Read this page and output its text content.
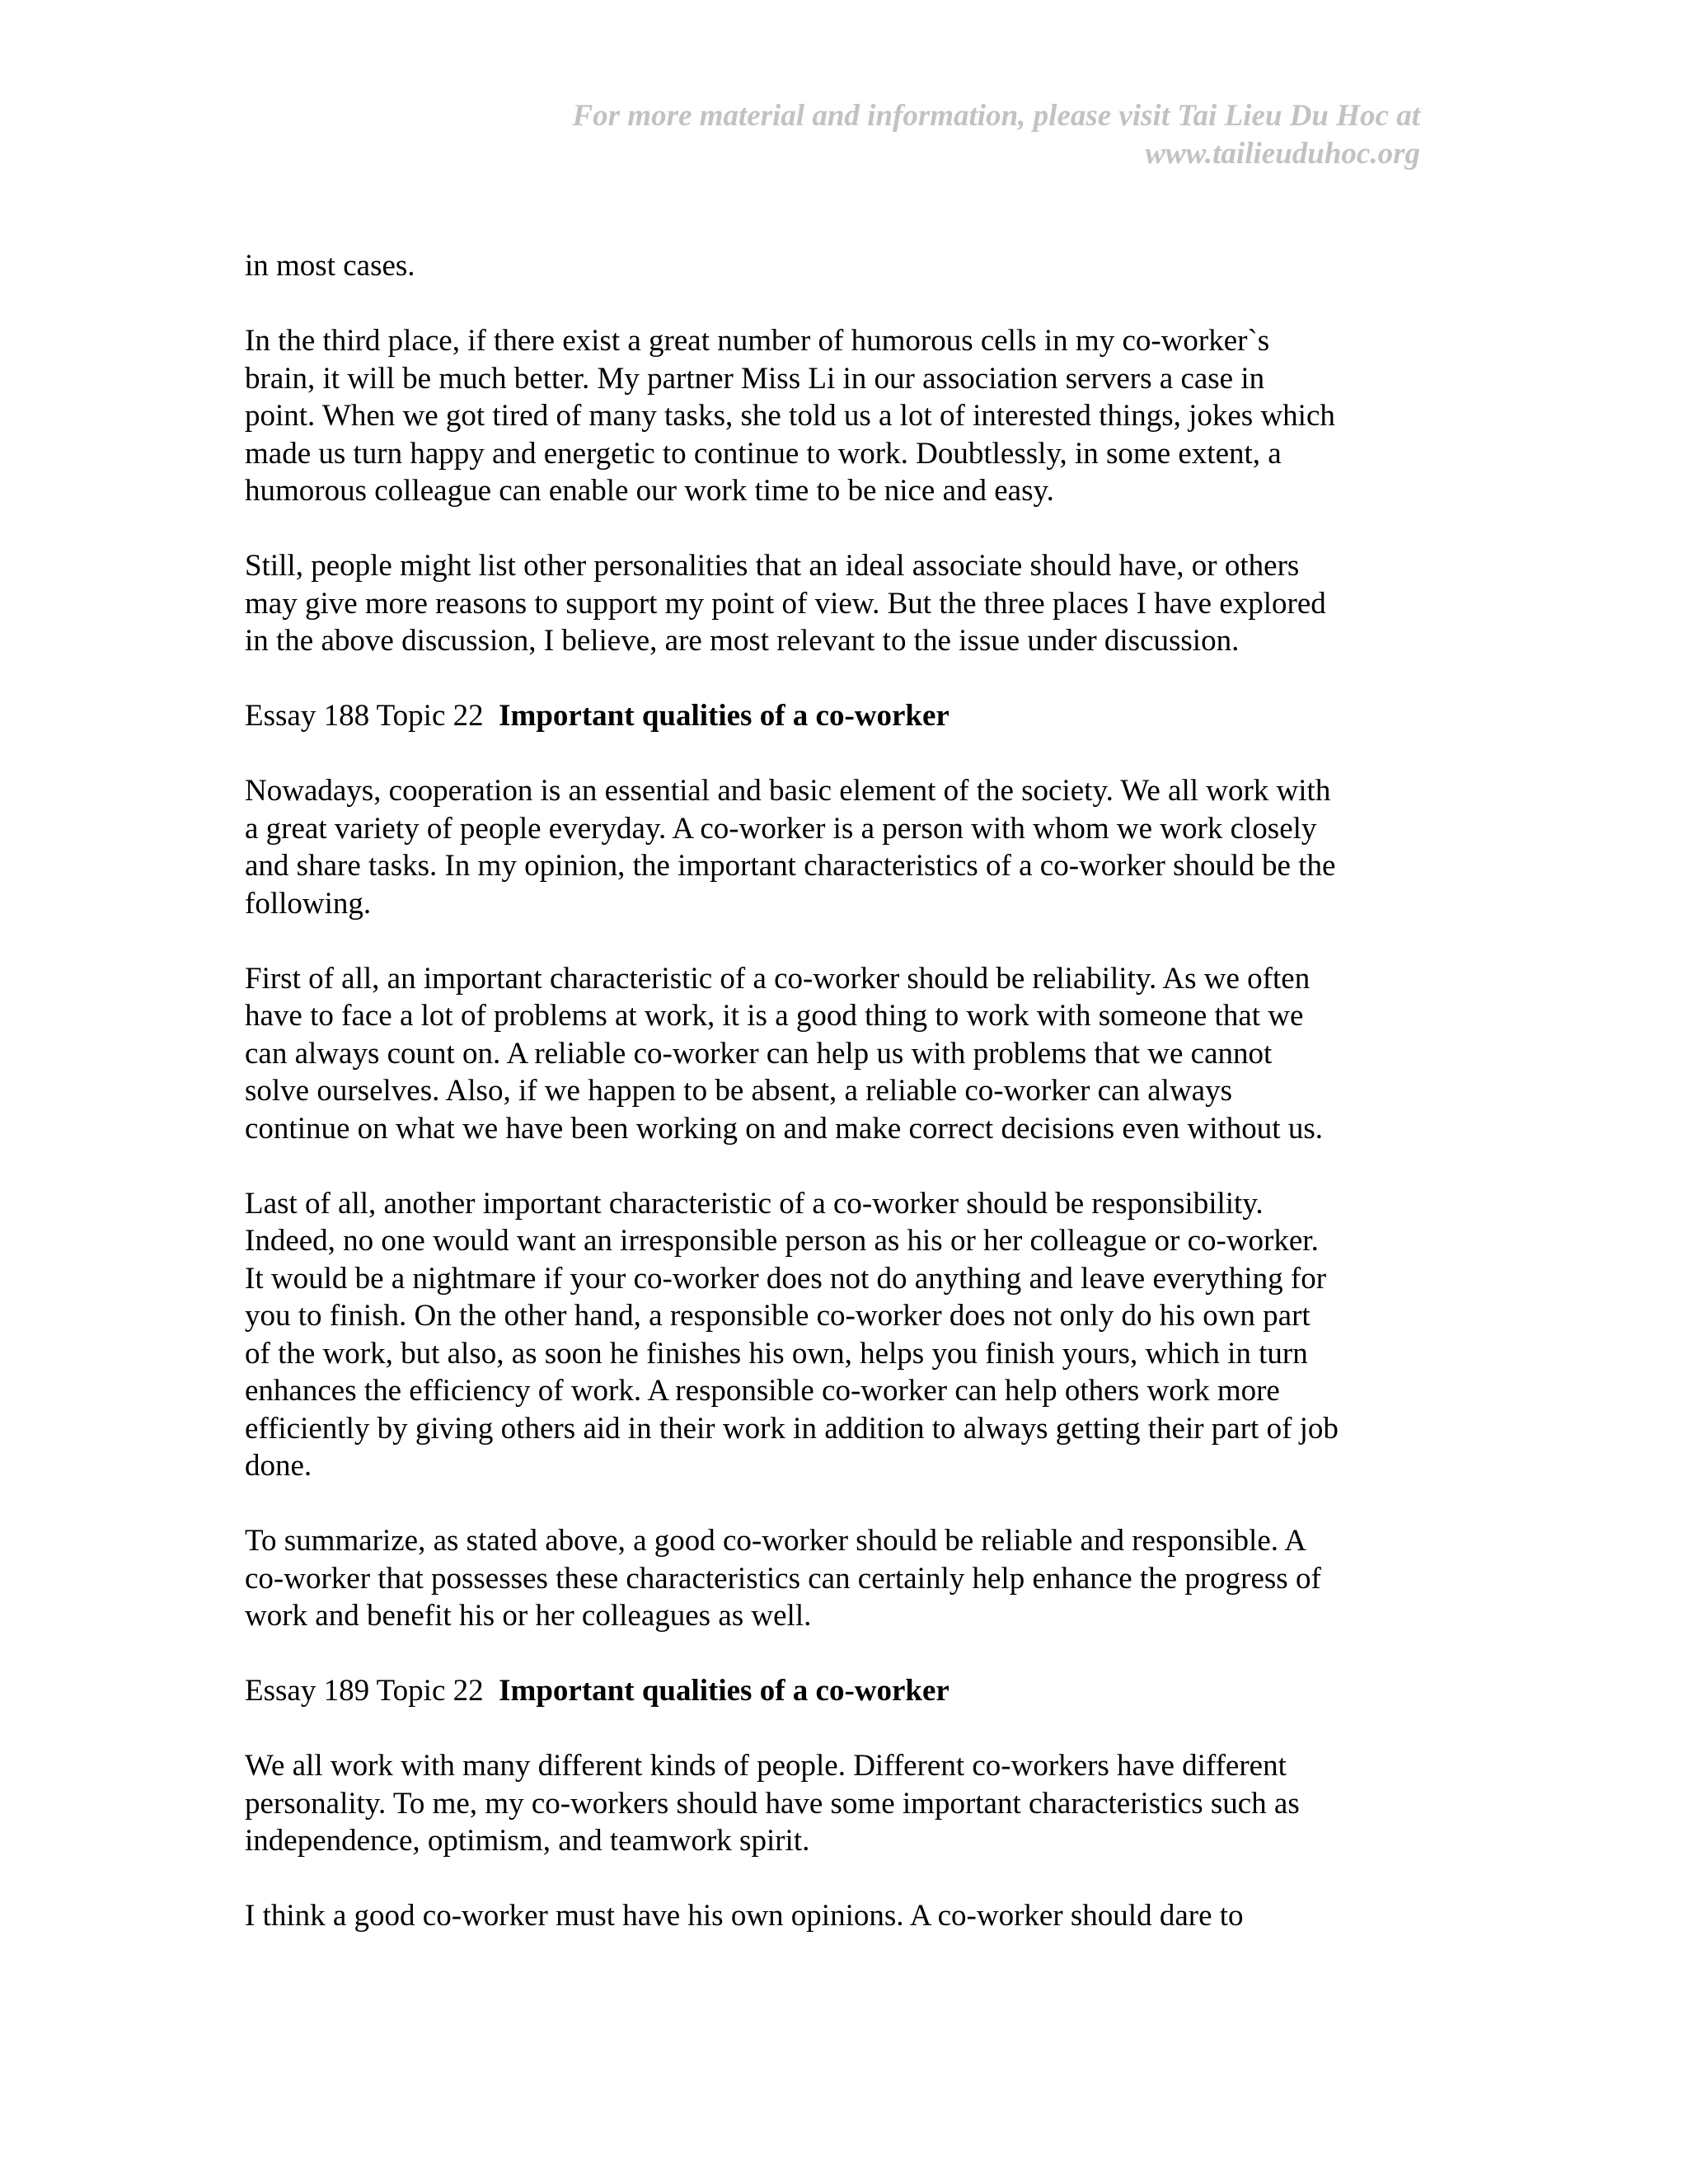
For more material and information, please visit Tai Lieu Du Hoc at
www.tailieuduhoc.org
in most cases.
In the third place, if there exist a great number of humorous cells in my co-worker`s
brain, it will be much better. My partner Miss Li in our association servers a case in
point. When we got tired of many tasks, she told us a lot of interested things, jokes which
made us turn happy and energetic to continue to work. Doubtlessly, in some extent, a
humorous colleague can enable our work time to be nice and easy.
Still, people might list other personalities that an ideal associate should have, or others
may give more reasons to support my point of view. But the three places I have explored
in the above discussion, I believe, are most relevant to the issue under discussion.
Essay 188 Topic 22 Important qualities of a co-worker
Nowadays, cooperation is an essential and basic element of the society. We all work with
a great variety of people everyday. A co-worker is a person with whom we work closely
and share tasks. In my opinion, the important characteristics of a co-worker should be the
following.
First of all, an important characteristic of a co-worker should be reliability. As we often
have to face a lot of problems at work, it is a good thing to work with someone that we
can always count on. A reliable co-worker can help us with problems that we cannot
solve ourselves. Also, if we happen to be absent, a reliable co-worker can always
continue on what we have been working on and make correct decisions even without us.
Last of all, another important characteristic of a co-worker should be responsibility.
Indeed, no one would want an irresponsible person as his or her colleague or co-worker.
It would be a nightmare if your co-worker does not do anything and leave everything for
you to finish. On the other hand, a responsible co-worker does not only do his own part
of the work, but also, as soon he finishes his own, helps you finish yours, which in turn
enhances the efficiency of work. A responsible co-worker can help others work more
efficiently by giving others aid in their work in addition to always getting their part of job
done.
To summarize, as stated above, a good co-worker should be reliable and responsible. A
co-worker that possesses these characteristics can certainly help enhance the progress of
work and benefit his or her colleagues as well.
Essay 189 Topic 22 Important qualities of a co-worker
We all work with many different kinds of people. Different co-workers have different
personality. To me, my co-workers should have some important characteristics such as
independence, optimism, and teamwork spirit.
I think a good co-worker must have his own opinions. A co-worker should dare to
